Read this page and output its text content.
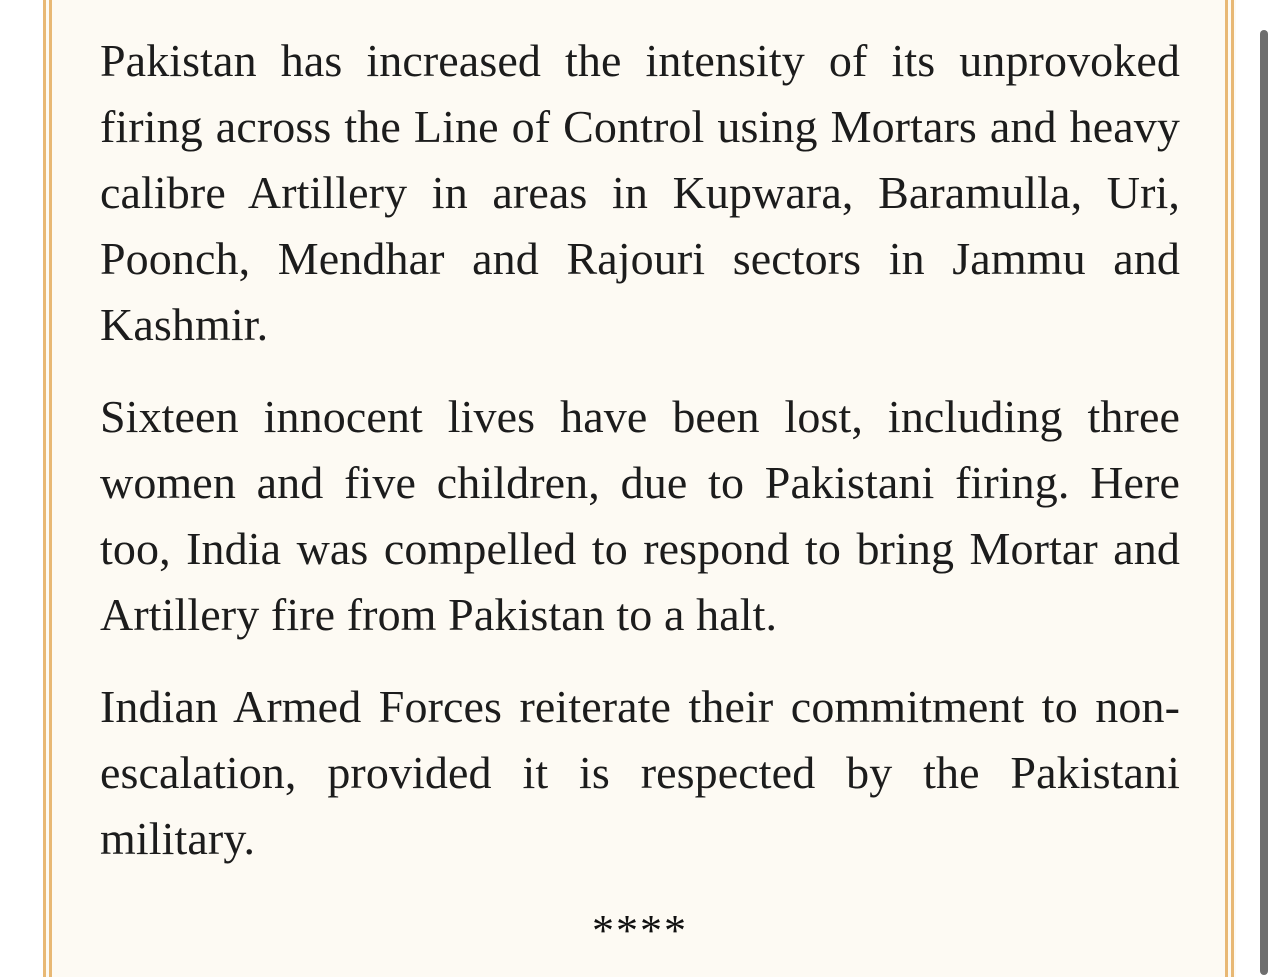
Pakistan has increased the intensity of its unprovoked firing across the Line of Control using Mortars and heavy calibre Artillery in areas in Kupwara, Baramulla, Uri, Poonch, Mendhar and Rajouri sectors in Jammu and Kashmir.

Sixteen innocent lives have been lost, including three women and five children, due to Pakistani firing. Here too, India was compelled to respond to bring Mortar and Artillery fire from Pakistan to a halt.

Indian Armed Forces reiterate their commitment to non-escalation, provided it is respected by the Pakistani military.

****
